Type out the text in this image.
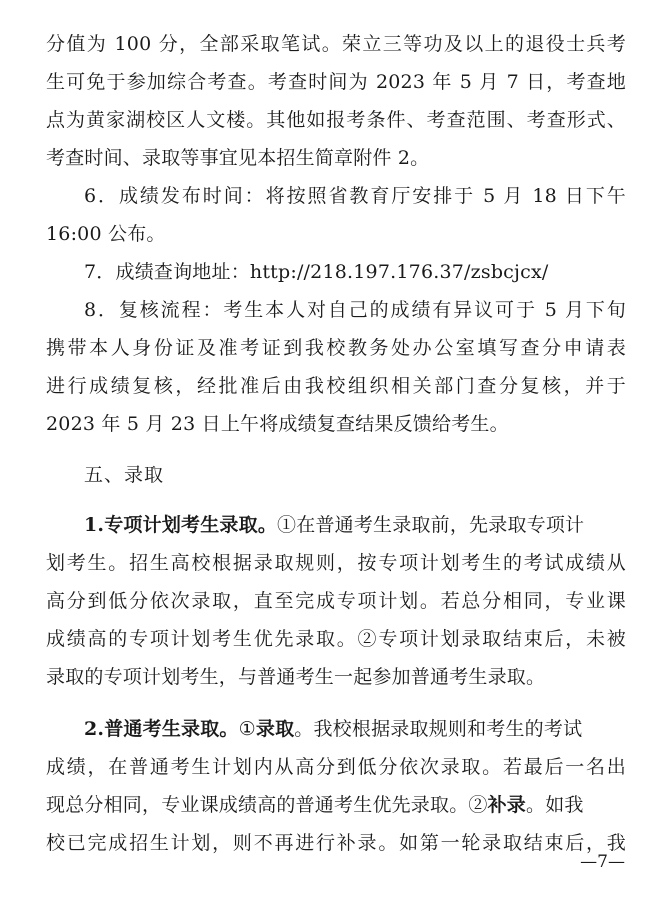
分值为 100 分，全部采取笔试。荣立三等功及以上的退役士兵考
生可免于参加综合考查。考查时间为 2023 年 5 月 7 日，考查地
点为黄家湖校区人文楼。其他如报考条件、考查范围、考查形式、
考查时间、录取等事宜见本招生简章附件 2。
6．成绩发布时间：将按照省教育厅安排于 5 月 18 日下午
16:00 公布。
7．成绩查询地址：http://218.197.176.37/zsbcjcx/
8．复核流程：考生本人对自己的成绩有异议可于 5 月下旬
携带本人身份证及准考证到我校教务处办公室填写查分申请表
进行成绩复核，经批准后由我校组织相关部门查分复核，并于
2023 年 5 月 23 日上午将成绩复查结果反馈给考生。
五、录取
1.专项计划考生录取。①在普通考生录取前，先录取专项计
划考生。招生高校根据录取规则，按专项计划考生的考试成绩从
高分到低分依次录取，直至完成专项计划。若总分相同，专业课
成绩高的专项计划考生优先录取。②专项计划录取结束后，未被
录取的专项计划考生，与普通考生一起参加普通考生录取。
2.普通考生录取。①录取。我校根据录取规则和考生的考试
成绩，在普通考生计划内从高分到低分依次录取。若最后一名出
现总分相同，专业课成绩高的普通考生优先录取。②补录。如我
校已完成招生计划，则不再进行补录。如第一轮录取结束后，我
—7—
